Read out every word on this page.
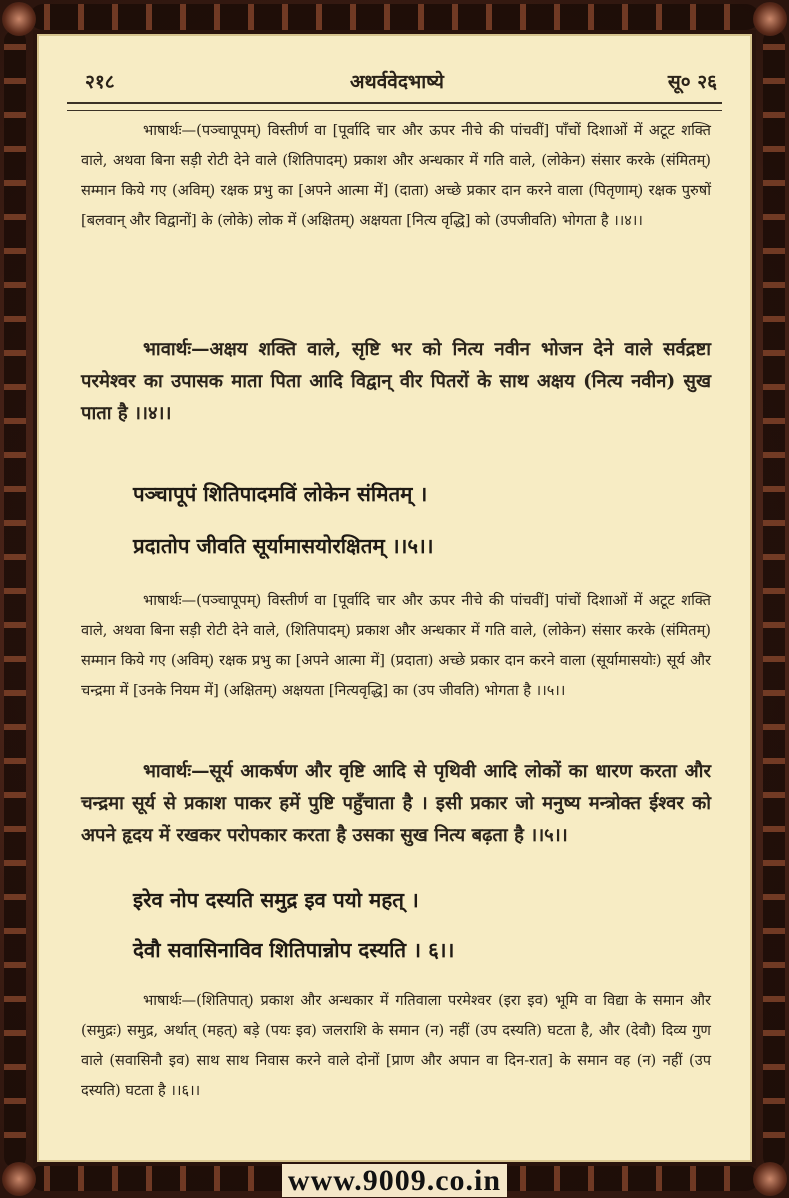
२१८	अथर्ववेदभाष्ये	सू० २६
भाषार्थः—(पञ्चापूपम्) विस्तीर्ण वा [पूर्वादि चार और ऊपर नीचे की पांचवीं] पाँचों दिशाओं में अटूट शक्ति वाले, अथवा बिना सड़ी रोटी देने वाले (शितिपादम्) प्रकाश और अन्धकार में गति वाले, (लोकेन) संसार करके (संमितम्) सम्मान किये गए (अविम्) रक्षक प्रभु का [अपने आत्मा में] (दाता) अच्छे प्रकार दान करने वाला (पितृणाम्) रक्षक पुरुषों [बलवान् और विद्वानों] के (लोके) लोक में (अक्षितम्) अक्षयता [नित्य वृद्धि] को (उपजीवति) भोगता है ।।४।।
भावार्थः—अक्षय शक्ति वाले, सृष्टि भर को नित्य नवीन भोजन देने वाले सर्वद्रष्टा परमेश्वर का उपासक माता पिता आदि विद्वान् वीर पितरों के साथ अक्षय (नित्य नवीन) सुख पाता है ।।४।।
पञ्चापूपं शितिपादमविं लोकेन संमितम् ।
प्रदातोप जीवति सूर्यामासयोरक्षितम् ।।५।।
भाषार्थः—(पञ्चापूपम्) विस्तीर्ण वा [पूर्वादि चार और ऊपर नीचे की पांचवीं] पांचों दिशाओं में अटूट शक्ति वाले, अथवा बिना सड़ी रोटी देने वाले, (शितिपादम्) प्रकाश और अन्धकार में गति वाले, (लोकेन) संसार करके (संमितम्) सम्मान किये गए (अविम्) रक्षक प्रभु का [अपने आत्मा में] (प्रदाता) अच्छे प्रकार दान करने वाला (सूर्यामासयोः) सूर्य और चन्द्रमा में [उनके नियम में] (अक्षितम्) अक्षयता [नित्यवृद्धि] का (उप जीवति) भोगता है ।।५।।
भावार्थः—सूर्य आकर्षण और वृष्टि आदि से पृथिवी आदि लोकों का धारण करता और चन्द्रमा सूर्य से प्रकाश पाकर हमें पुष्टि पहुँचाता है । इसी प्रकार जो मनुष्य मन्त्रोक्त ईश्वर को अपने हृदय में रखकर परोपकार करता है उसका सुख नित्य बढ़ता है ।।५।।
इरेव नोप दस्यति समुद्र इव पयो महत् ।
देवौ सवासिनाविव शितिपान्नोप दस्यति । ६।।
भाषार्थः—(शितिपात्) प्रकाश और अन्धकार में गतिवाला परमेश्वर (इरा इव) भूमि वा विद्या के समान और (समुद्रः) समुद्र, अर्थात् (महत्) बड़े (पयः इव) जलराशि के समान (न) नहीं (उप दस्यति) घटता है, और (देवौ) दिव्य गुण वाले (सवासिनौ इव) साथ साथ निवास करने वाले दोनों [प्राण और अपान वा दिन-रात] के समान वह (न) नहीं (उप दस्यति) घटता है ।।६।।
www.9009.co.in
